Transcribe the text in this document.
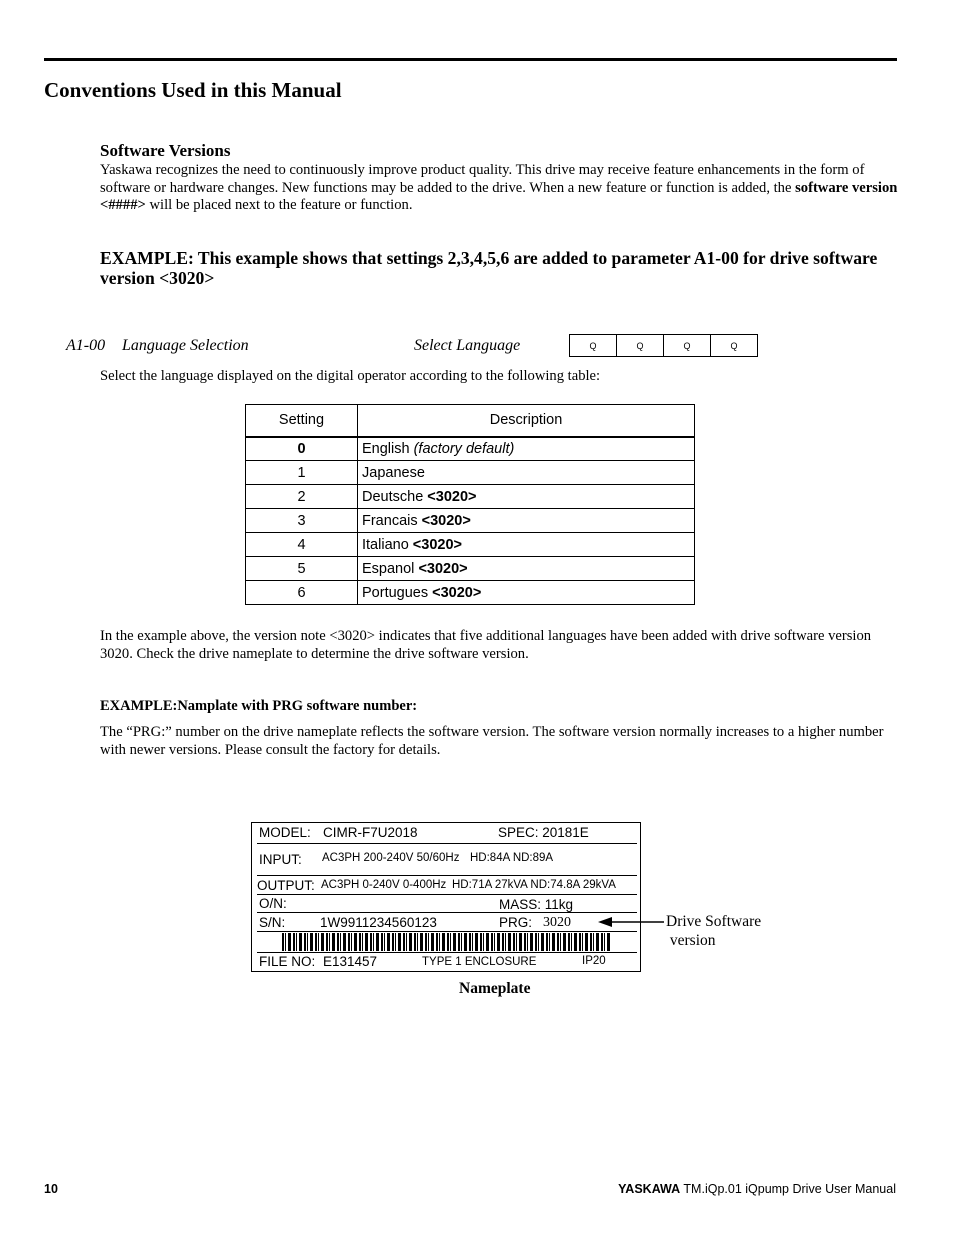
Conventions Used in this Manual
Software Versions
Yaskawa recognizes the need to continuously improve product quality. This drive may receive feature enhancements in the form of software or hardware changes. New functions may be added to the drive. When a new feature or function is added, the software version <####> will be placed next to the feature or function.
EXAMPLE: This example shows that settings 2,3,4,5,6 are added to parameter A1-00 for drive software version <3020>
A1-00 Language Selection	Select Language	Q	Q	Q	Q
Select the language displayed on the digital operator according to the following table:
Setting	Description
0	English (factory default)
1	Japanese
2	Deutsche <3020>
3	Francais <3020>
4	Italiano <3020>
5	Espanol <3020>
6	Portugues <3020>
In the example above, the version note <3020> indicates that five additional languages have been added with drive software version 3020. Check the drive nameplate to determine the drive software version.
EXAMPLE:Namplate with PRG software number:
The “PRG:” number on the drive nameplate reflects the software version. The software version normally increases to a higher number with newer versions. Please consult the factory for details.
MODEL: CIMR-F7U2018	SPEC: 20181E
INPUT: AC3PH 200-240V 50/60Hz HD:84A ND:89A
OUTPUT: AC3PH 0-240V 0-400Hz HD:71A 27kVA ND:74.8A 29kVA
O/N:	MASS: 11kg
S/N:	1W9911234560123	PRG: 3020
FILE NO: E131457	TYPE 1 ENCLOSURE	IP20
Drive Software
version
Nameplate
10	YASKAWA TM.iQp.01 iQpump Drive User Manual
